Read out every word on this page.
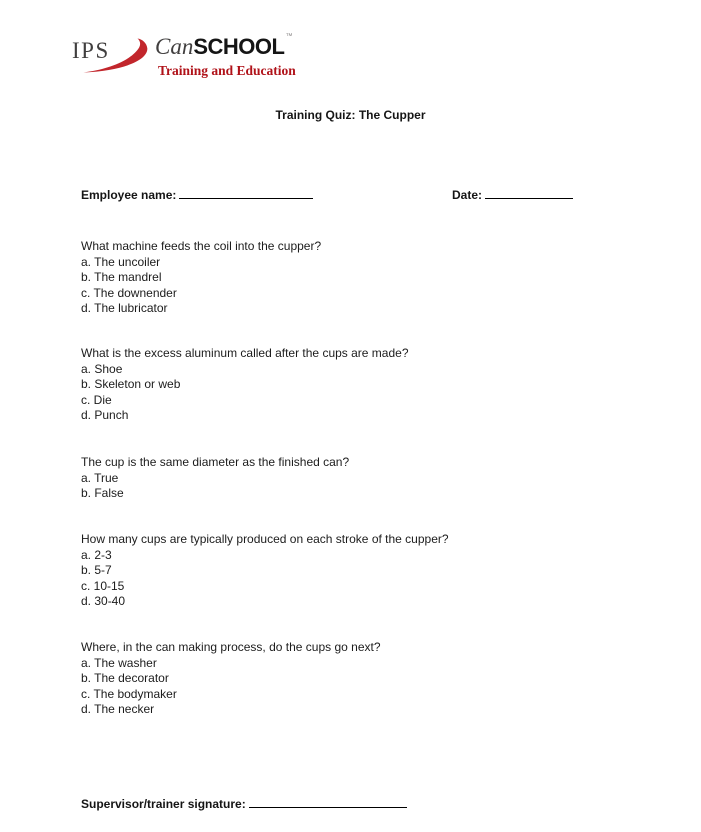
IPS CanSCHOOL™
Training and Education
Training Quiz: The Cupper
Employee name:	Date:
What machine feeds the coil into the cupper?
a. The uncoiler
b. The mandrel
c. The downender
d. The lubricator
What is the excess aluminum called after the cups are made?
a. Shoe
b. Skeleton or web
c. Die
d. Punch
The cup is the same diameter as the finished can?
a. True
b. False
How many cups are typically produced on each stroke of the cupper?
a. 2-3
b. 5-7
c. 10-15
d. 30-40
Where, in the can making process, do the cups go next?
a. The washer
b. The decorator
c. The bodymaker
d. The necker
Supervisor/trainer signature:
